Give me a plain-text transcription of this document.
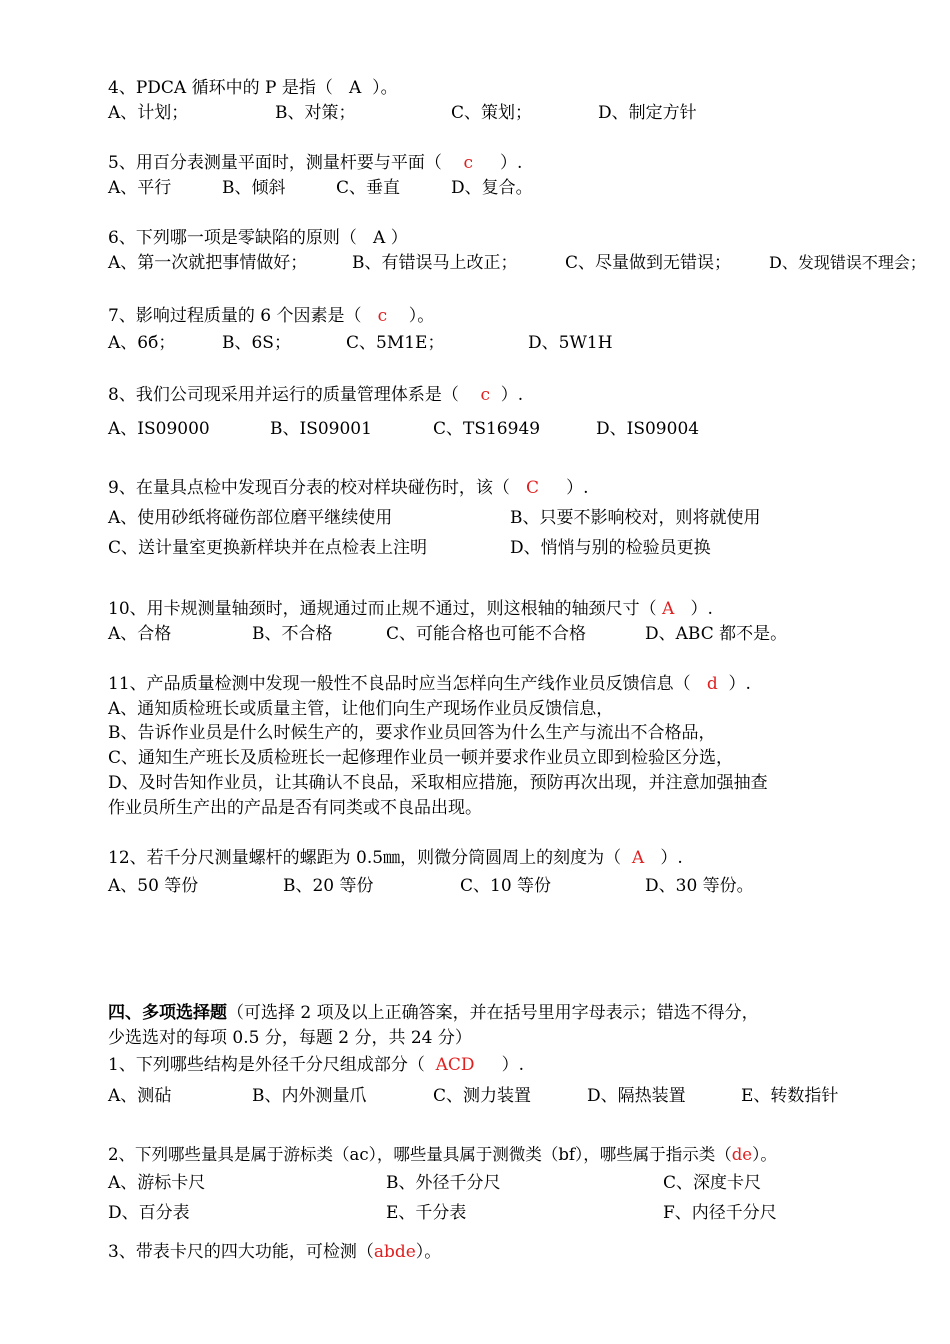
4、PDCA 循环中的 P 是指（   A  ）。
A、计划；	B、对策；	C、策划；	D、制定方针
5、用百分表测量平面时，测量杆要与平面（    c     ）.
A、平行	B、倾斜	C、垂直	D、复合。
6、下列哪一项是零缺陷的原则（   A ）
A、第一次就把事情做好；	B、有错误马上改正；	C、尽量做到无错误； D、发现错误不理会；
7、影响过程质量的 6 个因素是（   c    ）。
A、6б；	B、6S；	C、5M1E；	D、5W1H
8、我们公司现采用并运行的质量管理体系是（    c  ）.
A、IS09000	B、IS09001	C、TS16949	D、IS09004
9、在量具点检中发现百分表的校对样块碰伤时，该（   C     ）.
A、使用砂纸将碰伤部位磨平继续使用	B、只要不影响校对，则将就使用
C、送计量室更换新样块并在点检表上注明	D、悄悄与别的检验员更换
10、用卡规测量轴颈时，通规通过而止规不通过，则这根轴的轴颈尺寸（ A   ）.
A、合格	B、不合格	C、可能合格也可能不合格	D、ABC 都不是。
11、产品质量检测中发现一般性不良品时应当怎样向生产线作业员反馈信息（   d  ）.
A、通知质检班长或质量主管，让他们向生产现场作业员反馈信息，
B、告诉作业员是什么时候生产的，要求作业员回答为什么生产与流出不合格品，
C、通知生产班长及质检班长一起修理作业员一顿并要求作业员立即到检验区分选，
D、及时告知作业员，让其确认不良品，采取相应措施，预防再次出现，并注意加强抽查
作业员所生产出的产品是否有同类或不良品出现。
12、若千分尺测量螺杆的螺距为 0.5㎜，则微分筒圆周上的刻度为（  A   ）.
A、50 等份	B、20 等份	C、10 等份	D、30 等份。
四、多项选择题（可选择 2 项及以上正确答案，并在括号里用字母表示；错选不得分，
少选选对的每项 0.5 分，每题 2 分，共 24 分）
1、下列哪些结构是外径千分尺组成部分（  ACD     ）.
A、测砧	B、内外测量爪	C、测力装置	D、隔热装置	E、转数指针
2、下列哪些量具是属于游标类（ac），哪些量具属于测微类（bf），哪些属于指示类（de）。
A、游标卡尺	B、外径千分尺	C、深度卡尺
D、百分表	E、千分表	F、内径千分尺
3、带表卡尺的四大功能，可检测（abde）。
